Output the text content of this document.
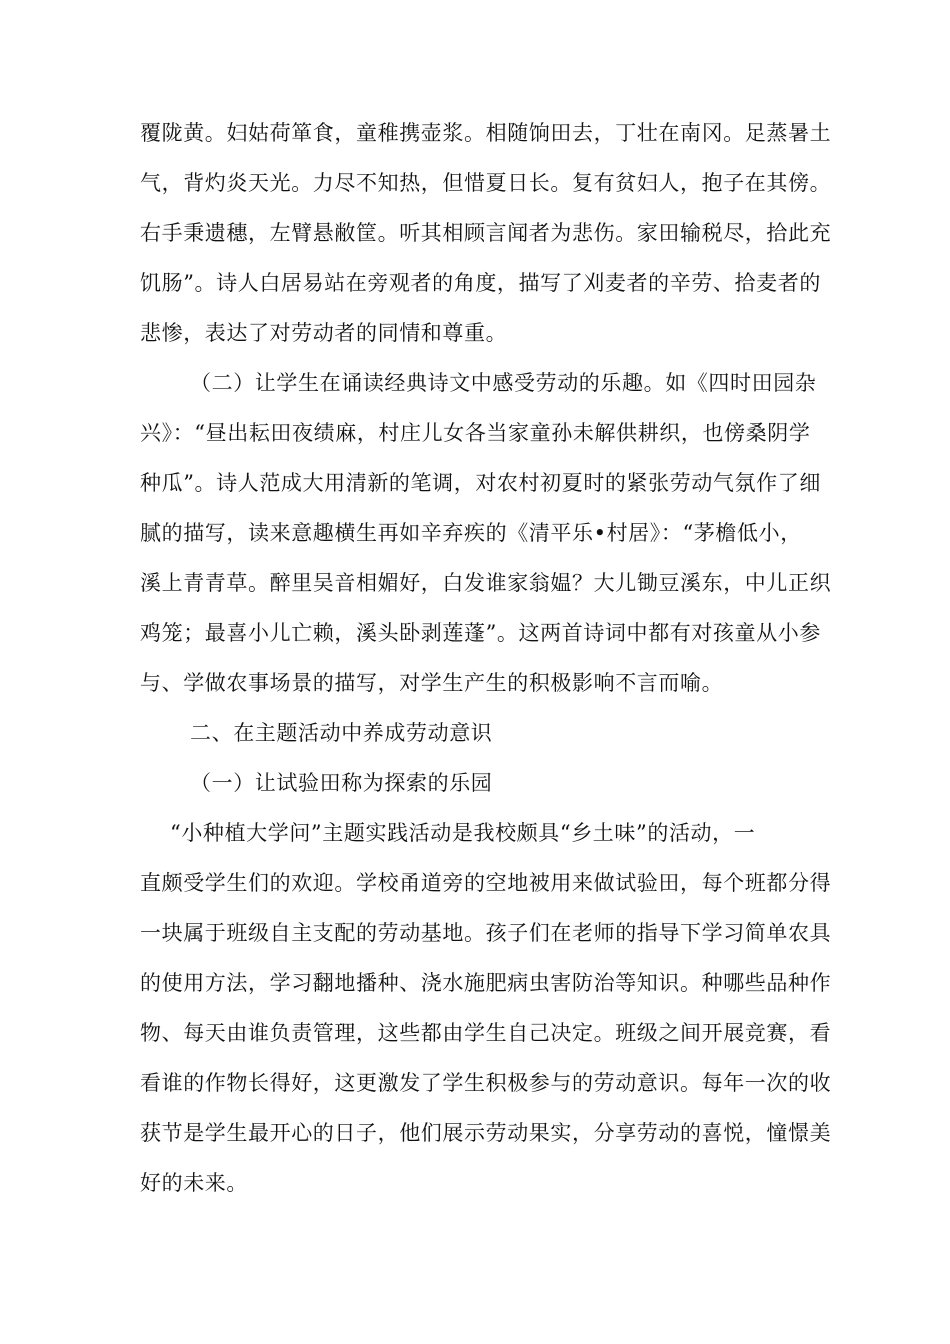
覆陇黄。妇姑荷箪食，童稚携壶浆。相随饷田去，丁壮在南冈。足蒸暑土

气，背灼炎天光。力尽不知热，但惜夏日长。复有贫妇人，抱子在其傍。

右手秉遗穗，左臂悬敝筐。听其相顾言闻者为悲伤。家田输税尽，拾此充

饥肠”。诗人白居易站在旁观者的角度，描写了刈麦者的辛劳、拾麦者的

悲惨，表达了对劳动者的同情和尊重。

（二）让学生在诵读经典诗文中感受劳动的乐趣。如《四时田园杂

兴》：“昼出耘田夜绩麻，村庄儿女各当家童孙未解供耕织，也傍桑阴学

种瓜”。诗人范成大用清新的笔调，对农村初夏时的紧张劳动气氛作了细

腻的描写，读来意趣横生再如辛弃疾的《清平乐•村居》：“茅檐低小，

溪上青青草。醉里吴音相媚好，白发谁家翁媪？大儿锄豆溪东，中儿正织

鸡笼；最喜小儿亡赖，溪头卧剥莲蓬”。这两首诗词中都有对孩童从小参

与、学做农事场景的描写，对学生产生的积极影响不言而喻。

二、在主题活动中养成劳动意识

（一）让试验田称为探索的乐园

“小种植大学问”主题实践活动是我校颇具“乡土味”的活动，一

直颇受学生们的欢迎。学校甬道旁的空地被用来做试验田，每个班都分得

一块属于班级自主支配的劳动基地。孩子们在老师的指导下学习简单农具

的使用方法，学习翻地播种、浇水施肥病虫害防治等知识。种哪些品种作

物、每天由谁负责管理，这些都由学生自己决定。班级之间开展竞赛，看

看谁的作物长得好，这更激发了学生积极参与的劳动意识。每年一次的收

获节是学生最开心的日子，他们展示劳动果实，分享劳动的喜悦，憧憬美

好的未来。
